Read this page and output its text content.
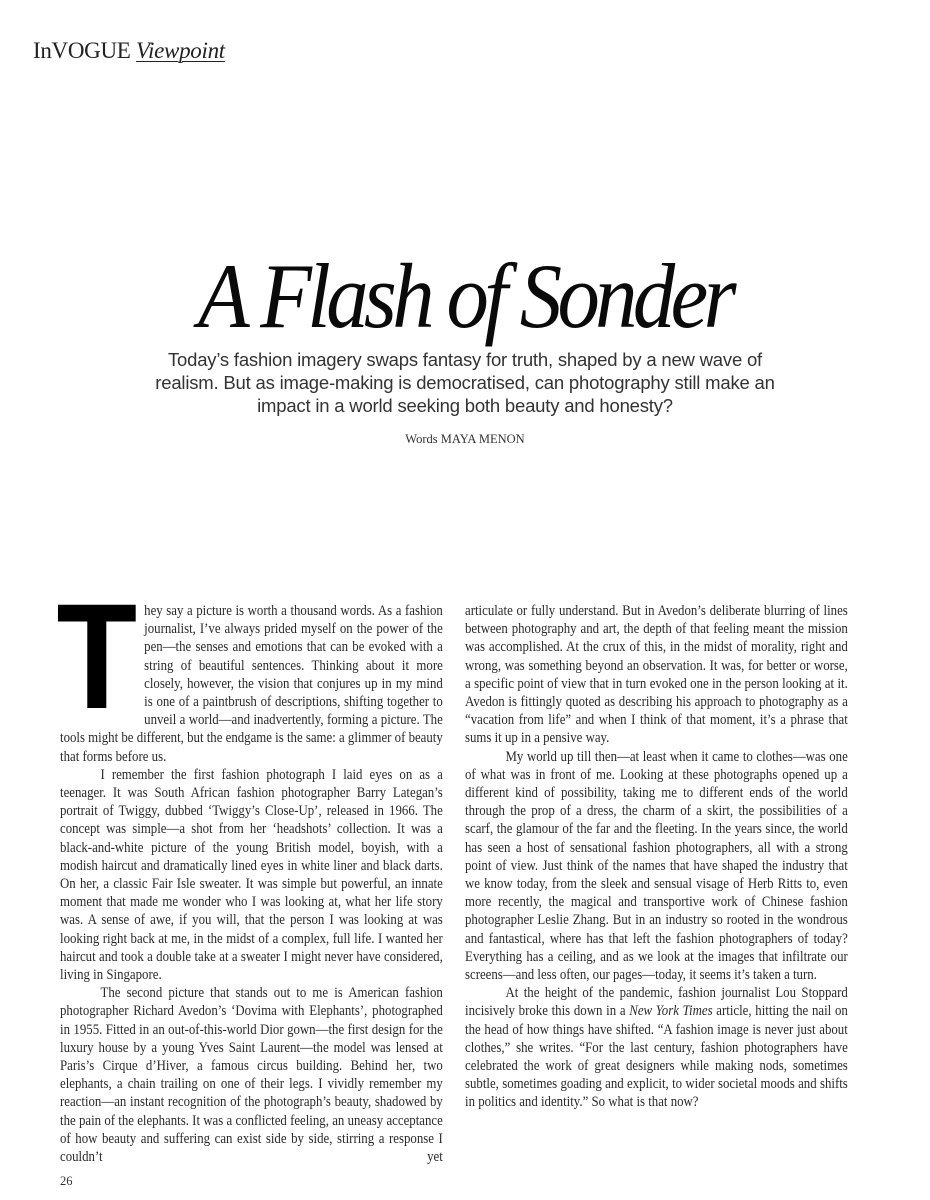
InVOGUE Viewpoint
A Flash of Sonder
Today’s fashion imagery swaps fantasy for truth, shaped by a new wave of realism. But as image-making is democratised, can photography still make an impact in a world seeking both beauty and honesty?
Words MAYA MENON

They say a picture is worth a thousand words. As a fashion journalist, I’ve always prided myself on the power of the pen—the senses and emotions that can be evoked with a string of beautiful sentences. Thinking about it more closely, however, the vision that conjures up in my mind is one of a paintbrush of descriptions, shifting together to unveil a world—and inadvertently, forming a picture. The tools might be different, but the endgame is the same: a glimmer of beauty that forms before us.

I remember the first fashion photograph I laid eyes on as a teenager. It was South African fashion photographer Barry Lategan’s portrait of Twiggy, dubbed ‘Twiggy’s Close-Up’, released in 1966. The concept was simple—a shot from her ‘headshots’ collection. It was a black-and-white picture of the young British model, boyish, with a modish haircut and dramatically lined eyes in white liner and black darts. On her, a classic Fair Isle sweater. It was simple but powerful, an innate moment that made me wonder who I was looking at, what her life story was. A sense of awe, if you will, that the person I was looking at was looking right back at me, in the midst of a complex, full life. I wanted her haircut and took a double take at a sweater I might never have considered, living in Singapore.

The second picture that stands out to me is American fashion photographer Richard Avedon’s ‘Dovima with Elephants’, photographed in 1955. Fitted in an out-of-this-world Dior gown—the first design for the luxury house by a young Yves Saint Laurent—the model was lensed at Paris’s Cirque d’Hiver, a famous circus building. Behind her, two elephants, a chain trailing on one of their legs. I vividly remember my reaction—an instant recognition of the photograph’s beauty, shadowed by the pain of the elephants. It was a conflicted feeling, an uneasy acceptance of how beauty and suffering can exist side by side, stirring a response I couldn’t yet

articulate or fully understand. But in Avedon’s deliberate blurring of lines between photography and art, the depth of that feeling meant the mission was accomplished. At the crux of this, in the midst of morality, right and wrong, was something beyond an observation. It was, for better or worse, a specific point of view that in turn evoked one in the person looking at it. Avedon is fittingly quoted as describing his approach to photography as a “vacation from life” and when I think of that moment, it’s a phrase that sums it up in a pensive way.

My world up till then—at least when it came to clothes—was one of what was in front of me. Looking at these photographs opened up a different kind of possibility, taking me to different ends of the world through the prop of a dress, the charm of a skirt, the possibilities of a scarf, the glamour of the far and the fleeting. In the years since, the world has seen a host of sensational fashion photographers, all with a strong point of view. Just think of the names that have shaped the industry that we know today, from the sleek and sensual visage of Herb Ritts to, even more recently, the magical and transportive work of Chinese fashion photographer Leslie Zhang. But in an industry so rooted in the wondrous and fantastical, where has that left the fashion photographers of today? Everything has a ceiling, and as we look at the images that infiltrate our screens—and less often, our pages—today, it seems it’s taken a turn.

At the height of the pandemic, fashion journalist Lou Stoppard incisively broke this down in a New York Times article, hitting the nail on the head of how things have shifted. “A fashion image is never just about clothes,” she writes. “For the last century, fashion photographers have celebrated the work of great designers while making nods, sometimes subtle, sometimes goading and explicit, to wider societal moods and shifts in politics and identity.” So what is that now?

26
